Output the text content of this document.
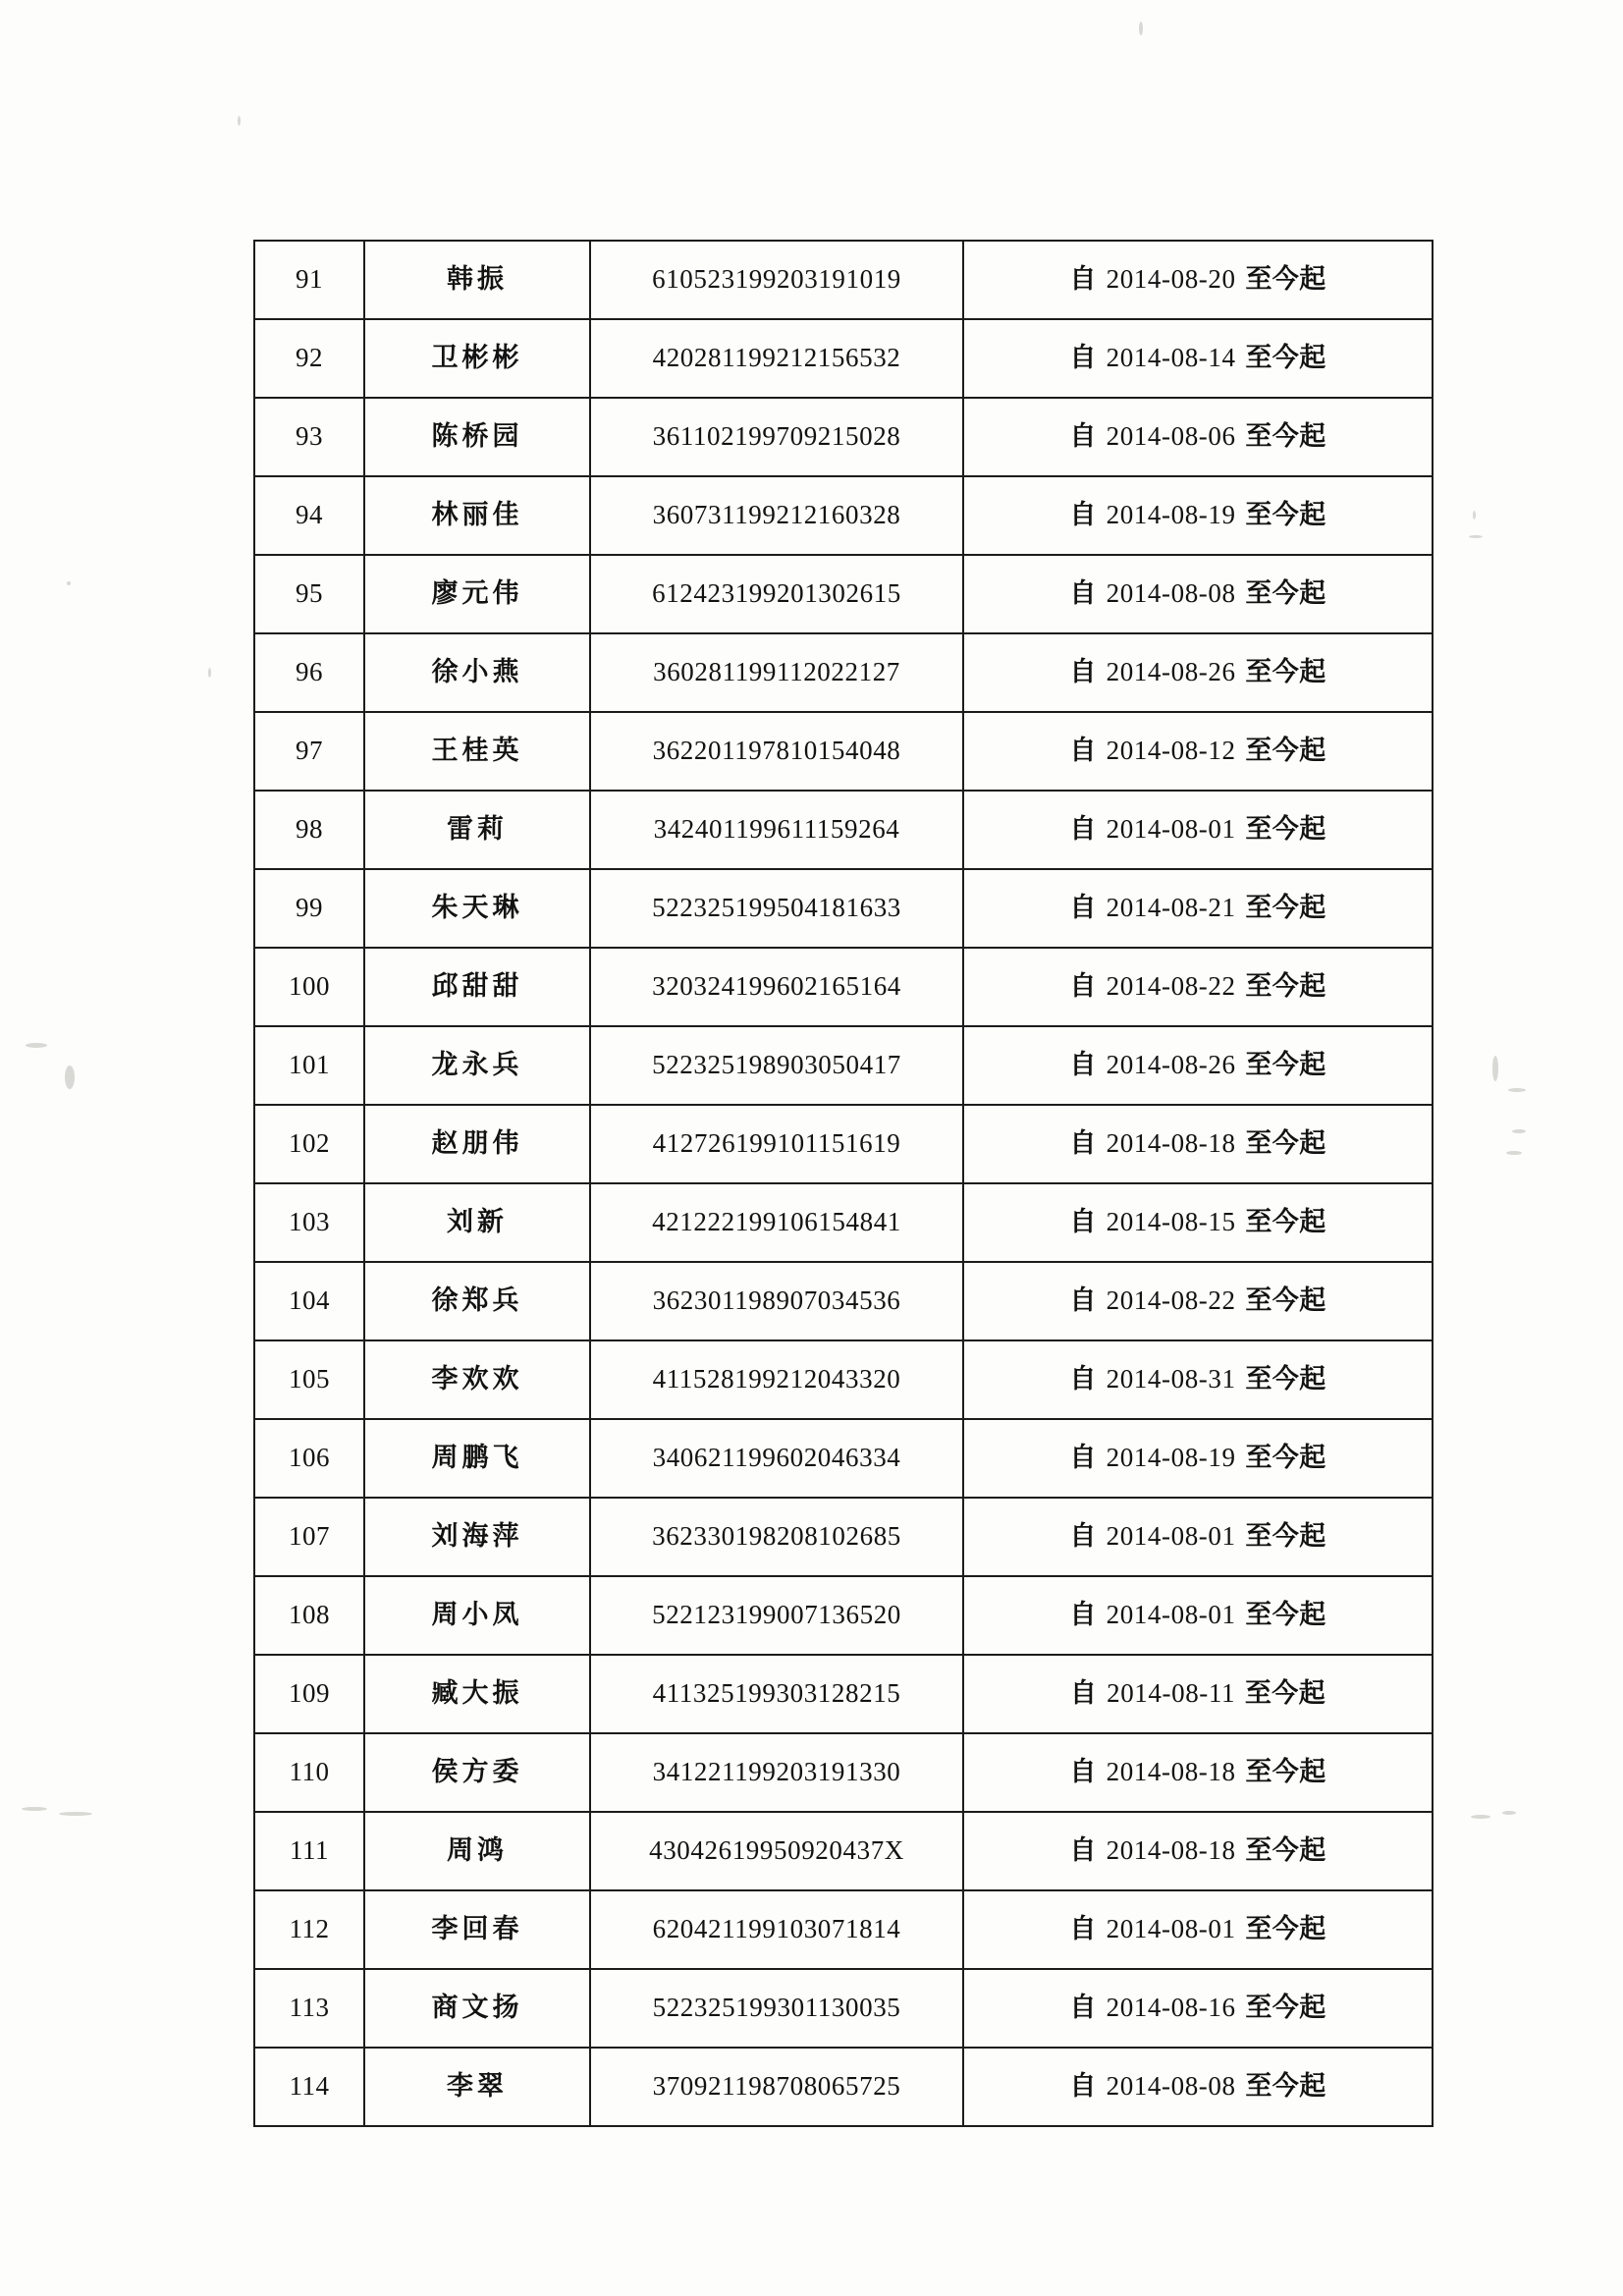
91	韩振	610523199203191019	自 2014-08-20 至今起
92	卫彬彬	420281199212156532	自 2014-08-14 至今起
93	陈桥园	361102199709215028	自 2014-08-06 至今起
94	林丽佳	360731199212160328	自 2014-08-19 至今起
95	廖元伟	612423199201302615	自 2014-08-08 至今起
96	徐小燕	360281199112022127	自 2014-08-26 至今起
97	王桂英	362201197810154048	自 2014-08-12 至今起
98	雷莉	342401199611159264	自 2014-08-01 至今起
99	朱天琳	522325199504181633	自 2014-08-21 至今起
100	邱甜甜	320324199602165164	自 2014-08-22 至今起
101	龙永兵	522325198903050417	自 2014-08-26 至今起
102	赵朋伟	412726199101151619	自 2014-08-18 至今起
103	刘新	421222199106154841	自 2014-08-15 至今起
104	徐郑兵	362301198907034536	自 2014-08-22 至今起
105	李欢欢	411528199212043320	自 2014-08-31 至今起
106	周鹏飞	340621199602046334	自 2014-08-19 至今起
107	刘海萍	362330198208102685	自 2014-08-01 至今起
108	周小凤	522123199007136520	自 2014-08-01 至今起
109	臧大振	411325199303128215	自 2014-08-11 至今起
110	侯方委	341221199203191330	自 2014-08-18 至今起
111	周鸿	43042619950920437X	自 2014-08-18 至今起
112	李回春	620421199103071814	自 2014-08-01 至今起
113	商文扬	522325199301130035	自 2014-08-16 至今起
114	李翠	370921198708065725	自 2014-08-08 至今起
